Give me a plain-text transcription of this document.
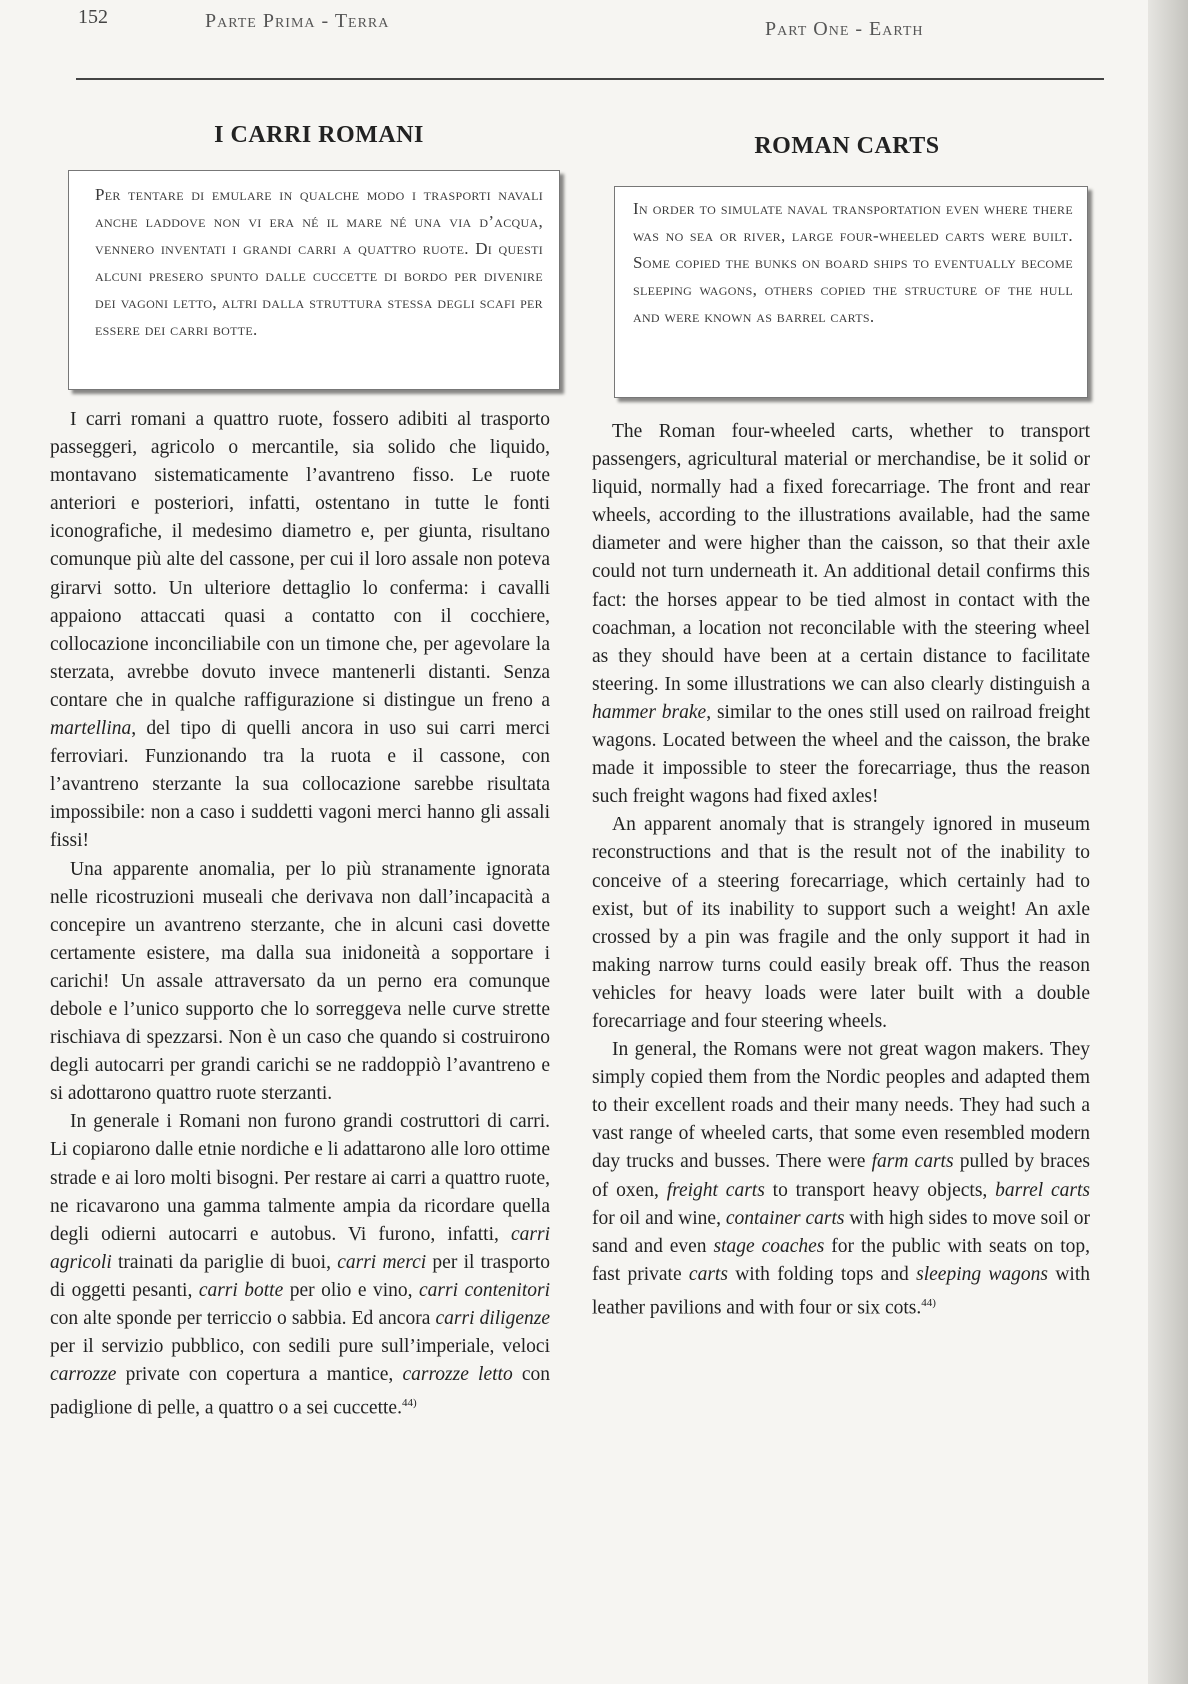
152	Parte Prima - Terra	Part One - Earth
I CARRI ROMANI
Per tentare di emulare in qualche modo i trasporti navali anche laddove non vi era né il mare né una via d’acqua, vennero inventati i grandi carri a quattro ruote. Di questi alcuni presero spunto dalle cuccette di bordo per divenire dei vagoni letto, altri dalla struttura stessa degli scafi per essere dei carri botte.

I carri romani a quattro ruote, fossero adibiti al trasporto passeggeri, agricolo o mercantile, sia solido che liquido, montavano sistematicamente l’avantreno fisso. Le ruote anteriori e posteriori, infatti, ostentano in tutte le fonti iconografiche, il medesimo diametro e, per giunta, risultano comunque più alte del cassone, per cui il loro assale non poteva girarvi sotto. Un ulteriore dettaglio lo conferma: i cavalli appaiono attaccati quasi a contatto con il cocchiere, collocazione inconciliabile con un timone che, per agevolare la sterzata, avrebbe dovuto invece mantenerli distanti. Senza contare che in qualche raffigurazione si distingue un freno a martellina, del tipo di quelli ancora in uso sui carri merci ferroviari. Funzionando tra la ruota e il cassone, con l’avantreno sterzante la sua collocazione sarebbe risultata impossibile: non a caso i suddetti vagoni merci hanno gli assali fissi!

Una apparente anomalia, per lo più stranamente ignorata nelle ricostruzioni museali che derivava non dall’incapacità a concepire un avantreno sterzante, che in alcuni casi dovette certamente esistere, ma dalla sua inidoneità a sopportare i carichi! Un assale attraversato da un perno era comunque debole e l’unico supporto che lo sorreggeva nelle curve strette rischiava di spezzarsi. Non è un caso che quando si costruirono degli autocarri per grandi carichi se ne raddoppiò l’avantreno e si adottarono quattro ruote sterzanti.

In generale i Romani non furono grandi costruttori di carri. Li copiarono dalle etnie nordiche e li adattarono alle loro ottime strade e ai loro molti bisogni. Per restare ai carri a quattro ruote, ne ricavarono una gamma talmente ampia da ricordare quella degli odierni autocarri e autobus. Vi furono, infatti, carri agricoli trainati da pariglie di buoi, carri merci per il trasporto di oggetti pesanti, carri botte per olio e vino, carri contenitori con alte sponde per terriccio o sabbia. Ed ancora carri diligenze per il servizio pubblico, con sedili pure sull’imperiale, veloci carrozze private con copertura a mantice, carrozze letto con padiglione di pelle, a quattro o a sei cuccette.$^{44)}$

ROMAN CARTS
In order to simulate naval transportation even where there was no sea or river, large four-wheeled carts were built. Some copied the bunks on board ships to eventually become sleeping wagons, others copied the structure of the hull and were known as barrel carts.

The Roman four-wheeled carts, whether to transport passengers, agricultural material or merchandise, be it solid or liquid, normally had a fixed forecarriage. The front and rear wheels, according to the illustrations available, had the same diameter and were higher than the caisson, so that their axle could not turn underneath it. An additional detail confirms this fact: the horses appear to be tied almost in contact with the coachman, a location not reconcilable with the steering wheel as they should have been at a certain distance to facilitate steering. In some illustrations we can also clearly distinguish a hammer brake, similar to the ones still used on railroad freight wagons. Located between the wheel and the caisson, the brake made it impossible to steer the forecarriage, thus the reason such freight wagons had fixed axles!

An apparent anomaly that is strangely ignored in museum reconstructions and that is the result not of the inability to conceive of a steering forecarriage, which certainly had to exist, but of its inability to support such a weight! An axle crossed by a pin was fragile and the only support it had in making narrow turns could easily break off. Thus the reason vehicles for heavy loads were later built with a double forecarriage and four steering wheels.

In general, the Romans were not great wagon makers. They simply copied them from the Nordic peoples and adapted them to their excellent roads and their many needs. They had such a vast range of wheeled carts, that some even resembled modern day trucks and busses. There were farm carts pulled by braces of oxen, freight carts to transport heavy objects, barrel carts for oil and wine, container carts with high sides to move soil or sand and even stage coaches for the public with seats on top, fast private carts with folding tops and sleeping wagons with leather pavilions and with four or six cots.$^{44)}$
